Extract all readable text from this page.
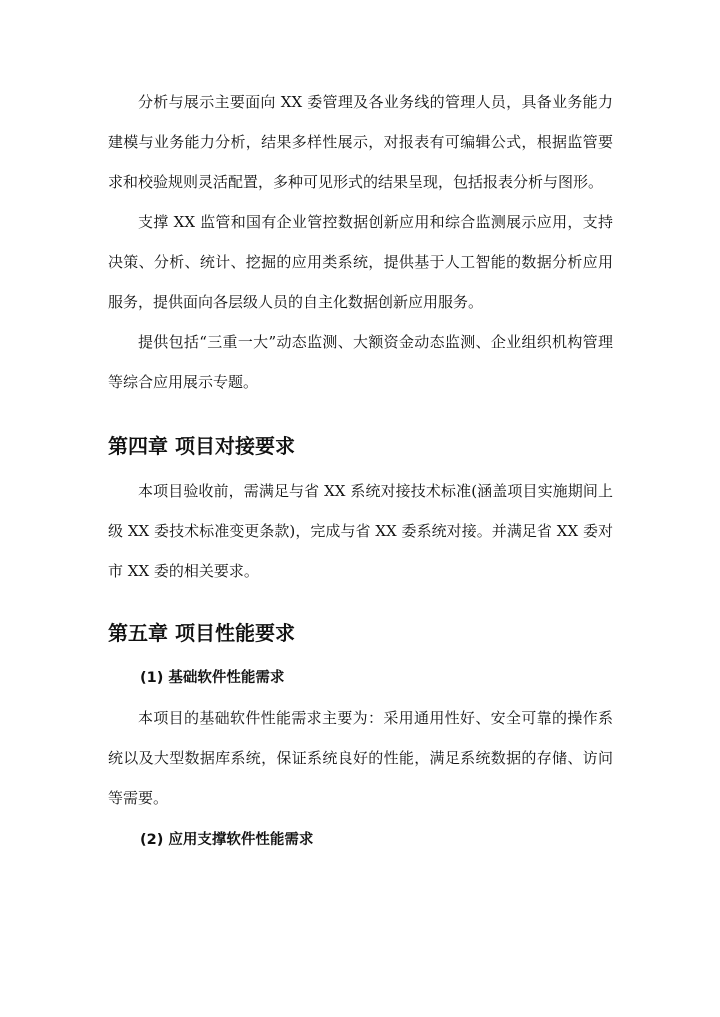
分析与展示主要面向 XX 委管理及各业务线的管理人员，具备业务能力建模与业务能力分析，结果多样性展示，对报表有可编辑公式，根据监管要求和校验规则灵活配置，多种可见形式的结果呈现，包括报表分析与图形。

支撑 XX 监管和国有企业管控数据创新应用和综合监测展示应用，支持决策、分析、统计、挖掘的应用类系统，提供基于人工智能的数据分析应用服务，提供面向各层级人员的自主化数据创新应用服务。

提供包括“三重一大”动态监测、大额资金动态监测、企业组织机构管理等综合应用展示专题。

第四章 项目对接要求

本项目验收前，需满足与省 XX 系统对接技术标准(涵盖项目实施期间上级 XX 委技术标准变更条款)，完成与省 XX 委系统对接。并满足省 XX 委对市 XX 委的相关要求。

第五章 项目性能要求
(1) 基础软件性能需求

本项目的基础软件性能需求主要为：采用通用性好、安全可靠的操作系统以及大型数据库系统，保证系统良好的性能，满足系统数据的存储、访问等需要。

(2) 应用支撑软件性能需求
